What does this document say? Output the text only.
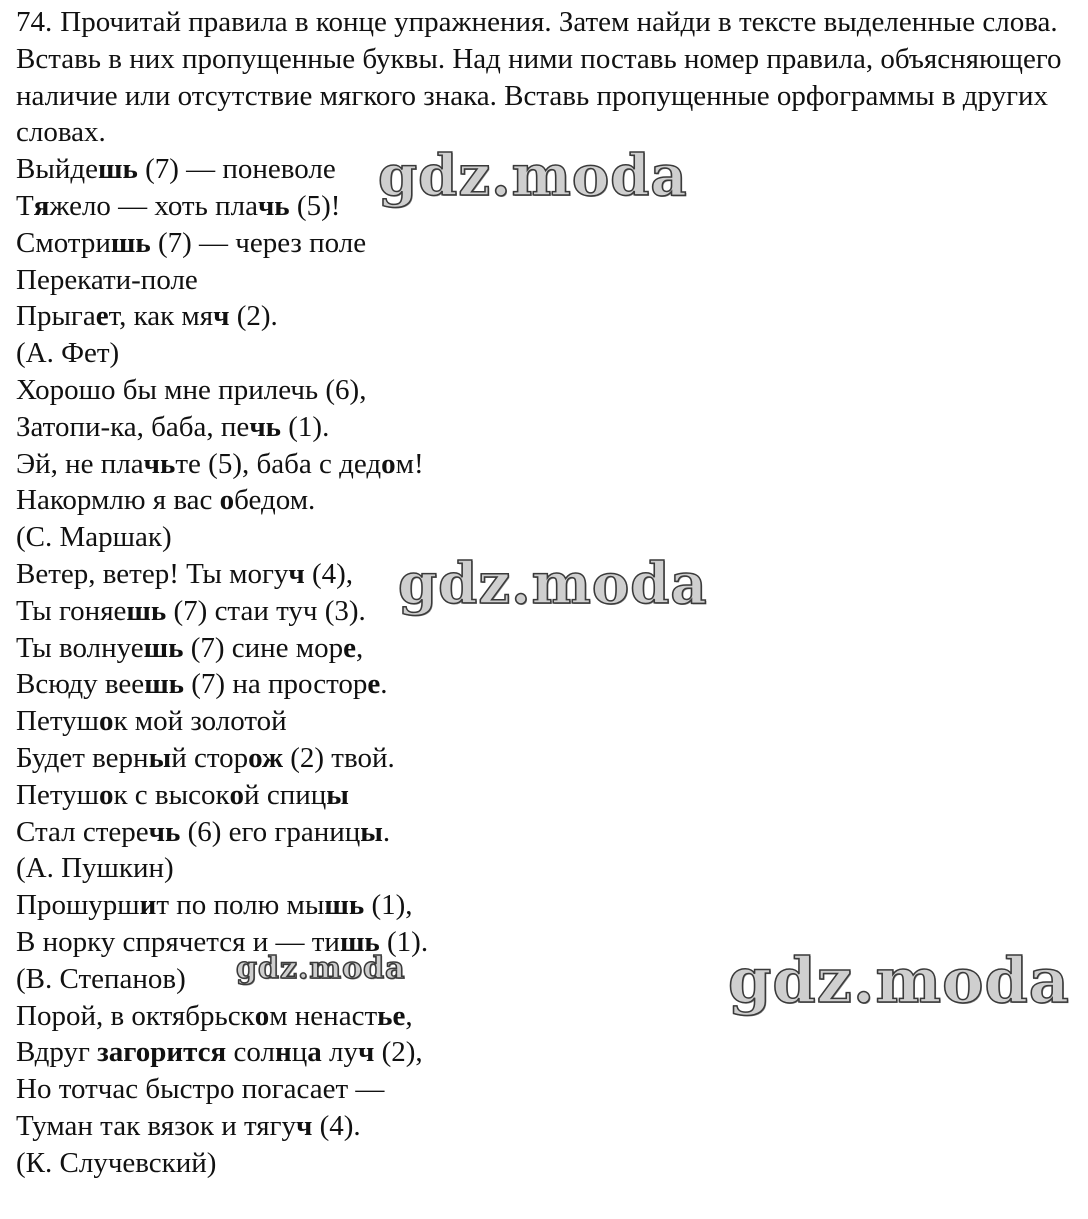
74. Прочитай правила в конце упражнения. Затем найди в тексте выделенные слова. Вставь в них пропущенные буквы. Над ними поставь номер правила, объясняющего наличие или отсутствие мягкого знака. Вставь пропущенные орфограммы в других словах.

Выйдешь (7) — поневоле
Тяжело — хоть плачь (5)!
Смотришь (7) — через поле
Перекати-поле
Прыгает, как мяч (2).
(А. Фет)
Хорошо бы мне прилечь (6),
Затопи-ка, баба, печь (1).
Эй, не плачьте (5), баба с дедом!
Накормлю я вас обедом.
(С. Маршак)
Ветер, ветер! Ты могуч (4),
Ты гоняешь (7) стаи туч (3).
Ты волнуешь (7) сине море,
Всюду веешь (7) на просторе.
Петушок мой золотой
Будет верный сторож (2) твой.
Петушок с высокой спицы
Стал стеречь (6) его границы.
(А. Пушкин)
Прошуршит по полю мышь (1),
В норку спрячется и — тишь (1).
(В. Степанов)
Порой, в октябрьском ненастье,
Вдруг загорится солнца луч (2),
Но тотчас быстро погасает —
Туман так вязок и тягуч (4).
(К. Случевский)
gdz.moda
gdz.moda
gdz.moda	gdz.moda
